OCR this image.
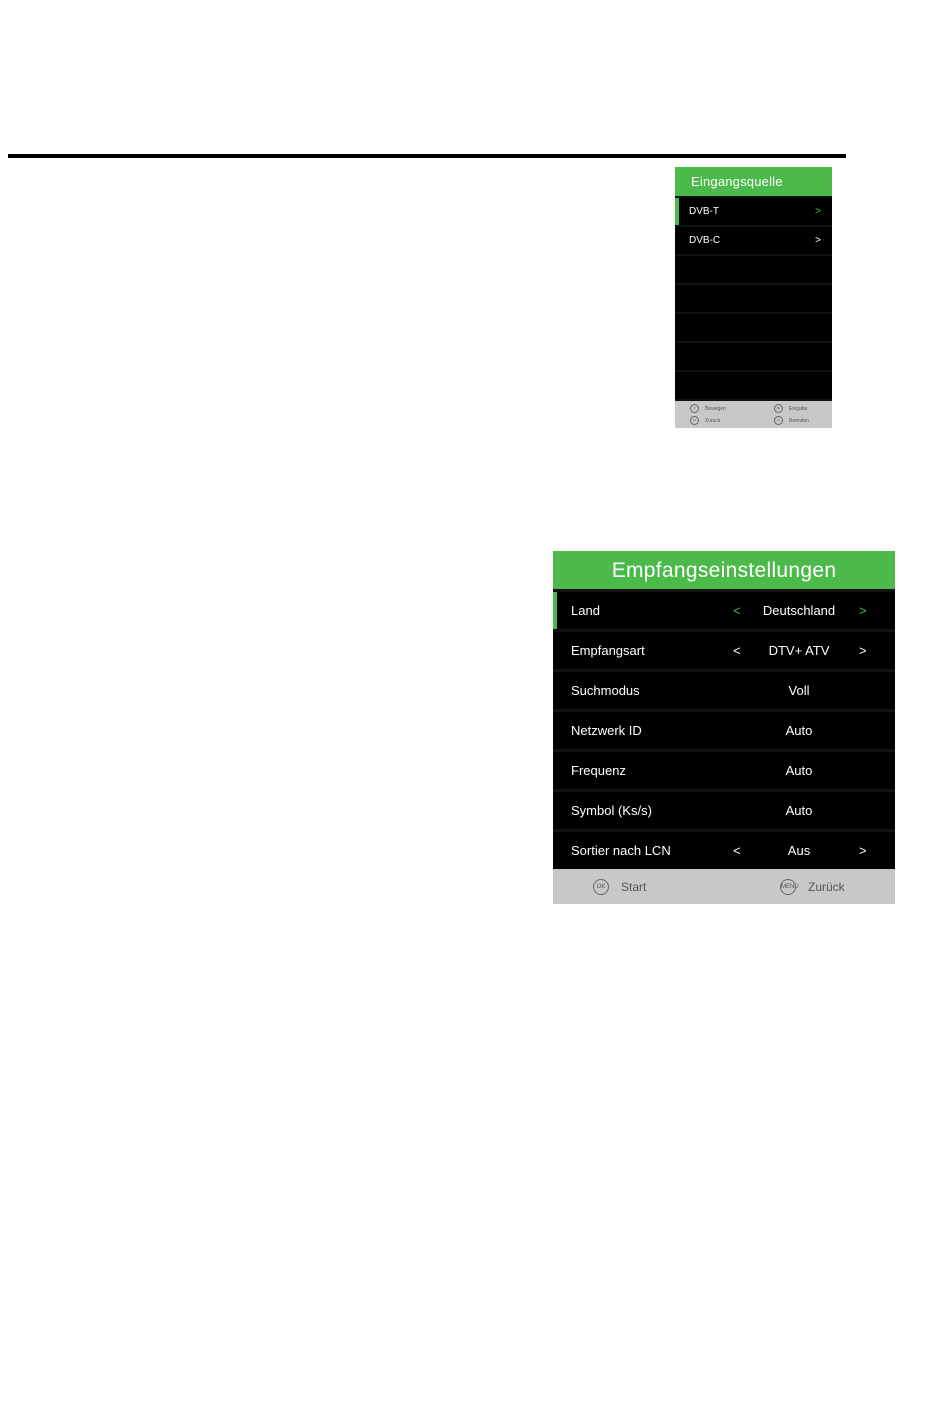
Eingangsquelle
DVB-T	>
DVB-C	>
✛	Bewegen	⇆	Eingabe
M	Zurück	E	Beenden
Empfangseinstellungen
Land	<	Deutschland	>
Empfangsart	<	DTV+ ATV	>
Suchmodus	Voll
Netzwerk ID	Auto
Frequenz	Auto
Symbol (Ks/s)	Auto
Sortier nach LCN	<	Aus	>
OK	Start	MENU Zurück
